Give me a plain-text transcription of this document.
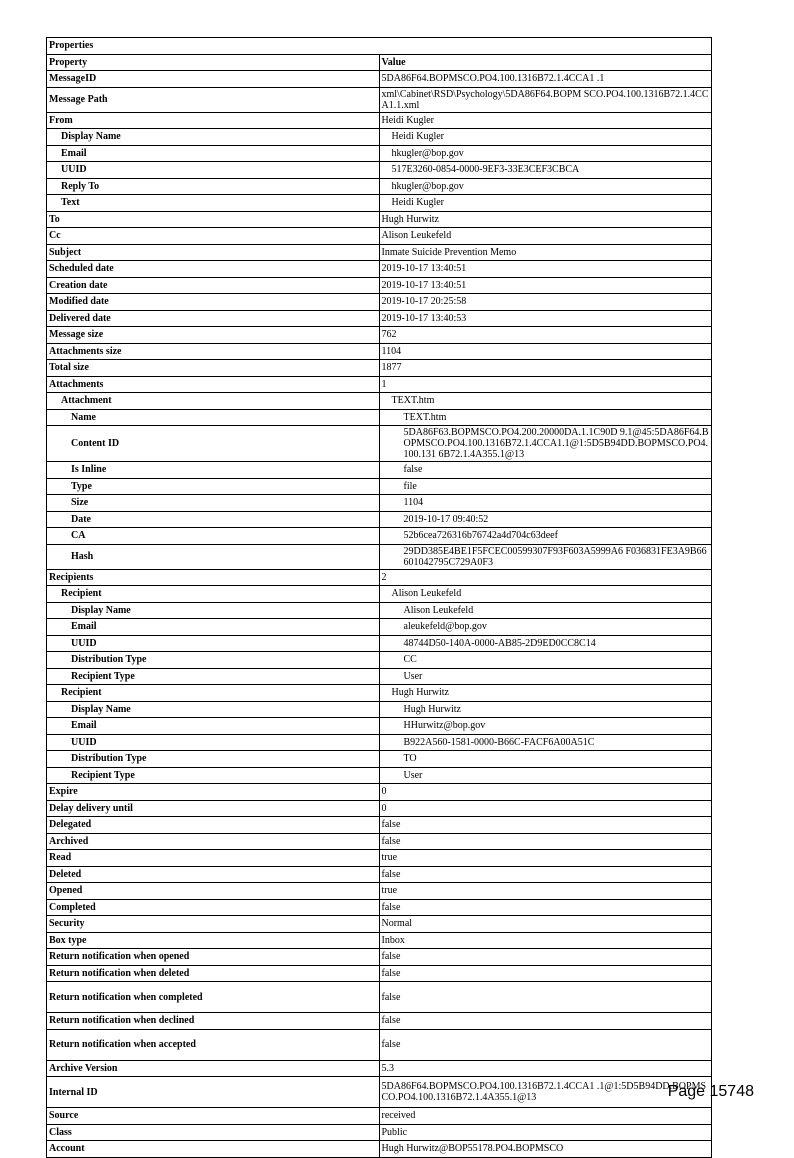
Properties	
Property	Value
MessageID	5DA86F64.BOPMSCO.PO4.100.1316B72.1.4CCA1 .1
Message Path	xml\Cabinet\RSD\Psychology\5DA86F64.BOPM SCO.PO4.100.1316B72.1.4CCA1.1.xml
From	Heidi Kugler
Display Name	Heidi Kugler
Email	hkugler@bop.gov
UUID	517E3260-0854-0000-9EF3-33E3CEF3CBCA
Reply To	hkugler@bop.gov
Text	Heidi Kugler
To	Hugh Hurwitz
Cc	Alison Leukefeld
Subject	Inmate Suicide Prevention Memo
Scheduled date	2019-10-17 13:40:51
Creation date	2019-10-17 13:40:51
Modified date	2019-10-17 20:25:58
Delivered date	2019-10-17 13:40:53
Message size	762
Attachments size	1104
Total size	1877
Attachments	1
Attachment	TEXT.htm
Name	TEXT.htm
Content ID	5DA86F63.BOPMSCO.PO4.200.20000DA.1.1C90D 9.1@45:5DA86F64.BOPMSCO.PO4.100.1316B72.1.4CCA1.1@1:5D5B94DD.BOPMSCO.PO4.100.131 6B72.1.4A355.1@13
Is Inline	false
Type	file
Size	1104
Date	2019-10-17 09:40:52
CA	52b6cea726316b76742a4d704c63deef
Hash	29DD385E4BE1F5FCEC00599307F93F603A5999A6 F036831FE3A9B66601042795C729A0F3
Recipients	2
Recipient	Alison Leukefeld
Display Name	Alison Leukefeld
Email	aleukefeld@bop.gov
UUID	48744D50-140A-0000-AB85-2D9ED0CC8C14
Distribution Type	CC
Recipient Type	User
Recipient	Hugh Hurwitz
Display Name	Hugh Hurwitz
Email	HHurwitz@bop.gov
UUID	B922A560-1581-0000-B66C-FACF6A00A51C
Distribution Type	TO
Recipient Type	User
Expire	0
Delay delivery until	0
Delegated	false
Archived	false
Read	true
Deleted	false
Opened	true
Completed	false
Security	Normal
Box type	Inbox
Return notification when opened	false
Return notification when deleted	false
Return notification when completed	false
Return notification when declined	false
Return notification when accepted	false
Archive Version	5.3
Internal ID	5DA86F64.BOPMSCO.PO4.100.1316B72.1.4CCA1 .1@1:5D5B94DD.BOPMSCO.PO4.100.1316B72.1.4A355.1@13
Source	received
Class	Public
Account	Hugh Hurwitz@BOP55178.PO4.BOPMSCO
Page 15748
